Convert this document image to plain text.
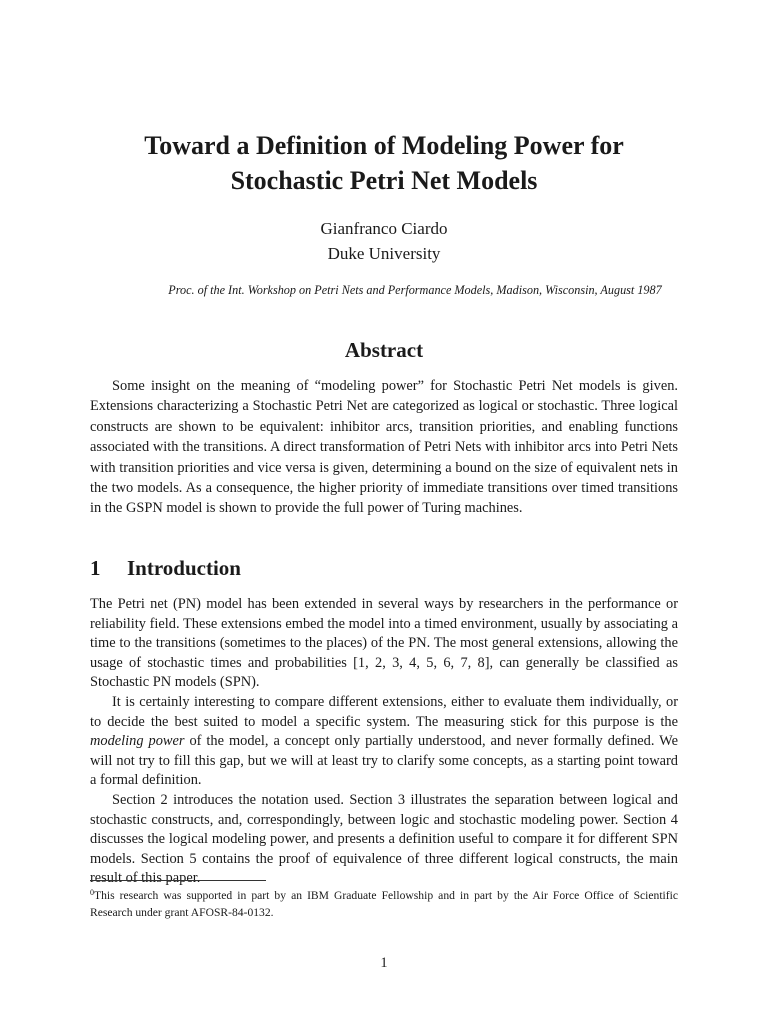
Toward a Definition of Modeling Power for
Stochastic Petri Net Models
Gianfranco Ciardo
Duke University
Proc. of the Int. Workshop on Petri Nets and Performance Models, Madison, Wisconsin, August 1987
Abstract

Some insight on the meaning of “modeling power” for Stochastic Petri Net models is given. Extensions characterizing a Stochastic Petri Net are categorized as logical or stochastic. Three logical constructs are shown to be equivalent: inhibitor arcs, transition priorities, and enabling functions associated with the transitions. A direct transformation of Petri Nets with inhibitor arcs into Petri Nets with transition priorities and vice versa is given, determining a bound on the size of equivalent nets in the two models. As a consequence, the higher priority of immediate transitions over timed transitions in the GSPN model is shown to provide the full power of Turing machines.

1 Introduction

The Petri net (PN) model has been extended in several ways by researchers in the performance or reliability field. These extensions embed the model into a timed environment, usually by associating a time to the transitions (sometimes to the places) of the PN. The most general extensions, allowing the usage of stochastic times and probabilities [1, 2, 3, 4, 5, 6, 7, 8], can generally be classified as Stochastic PN models (SPN).

It is certainly interesting to compare different extensions, either to evaluate them individually, or to decide the best suited to model a specific system. The measuring stick for this purpose is the modeling power of the model, a concept only partially understood, and never formally defined. We will not try to fill this gap, but we will at least try to clarify some concepts, as a starting point toward a formal definition.

Section 2 introduces the notation used. Section 3 illustrates the separation between logical and stochastic constructs, and, correspondingly, between logic and stochastic modeling power. Section 4 discusses the logical modeling power, and presents a definition useful to compare it for different SPN models. Section 5 contains the proof of equivalence of three different logical constructs, the main result of this paper.

$^0$This research was supported in part by an IBM Graduate Fellowship and in part by the Air Force Office of Scientific Research under grant AFOSR-84-0132.
1
